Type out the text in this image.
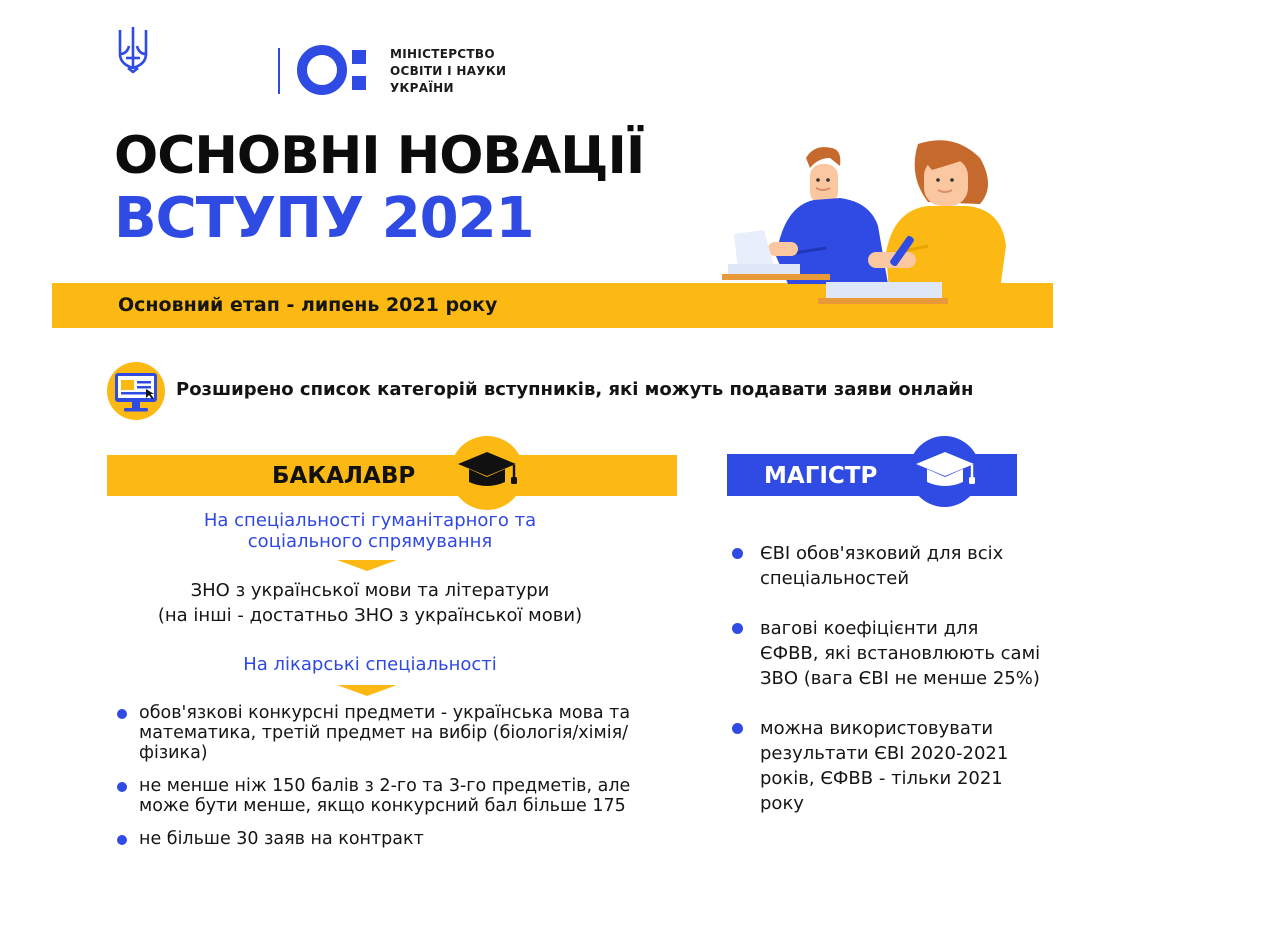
МІНІСТЕРСТВО
ОСВІТИ І НАУКИ
УКРАЇНИ
ОСНОВНІ НОВАЦІЇ
ВСТУПУ 2021
Основний етап - липень 2021 року
Розширено список категорій вступників, які можуть подавати заяви онлайн
БАКАЛАВР
На спеціальності гуманітарного та соціального спрямування
ЗНО з української мови та літератури
(на інші - достатньо ЗНО з української мови)
На лікарські спеціальності
обов'язкові конкурсні предмети - українська мова та математика, третій предмет на вибір (біологія/хімія/фізика)
не менше ніж 150 балів з 2-го та 3-го предметів, але може бути менше, якщо конкурсний бал більше 175
не більше 30 заяв на контракт
МАГІСТР
ЄВІ обов'язковий для всіх спеціальностей
вагові коефіцієнти для ЄФВВ, які встановлюють самі ЗВО (вага ЄВІ не менше 25%)
можна використовувати результати ЄВІ 2020-2021 років, ЄФВВ - тільки 2021 року
